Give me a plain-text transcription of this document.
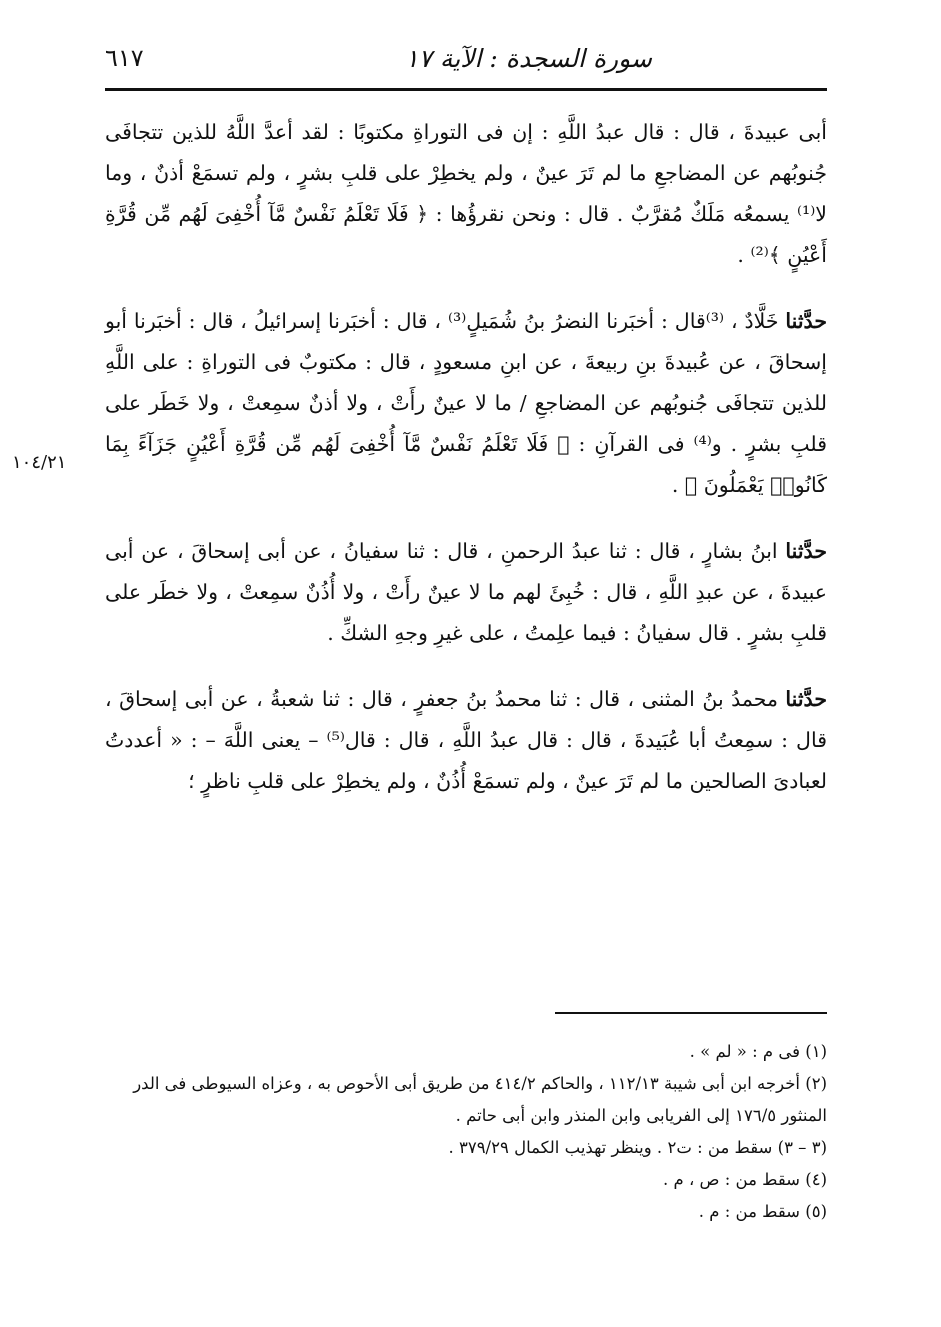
سورة السجدة : الآية ١٧
٦١٧
١٠٤/٢١

أبى عبيدةَ ، قال : قال عبدُ اللَّهِ : إن فى التوراةِ مكتوبًا : لقد أعدَّ اللَّهُ للذين تتجافَى جُنوبُهم عن المضاجعِ ما لم تَرَ عينٌ ، ولم يخطِرْ على قلبِ بشرٍ ، ولم تسمَعْ أذنٌ ، وما لا⁽¹⁾ يسمعُه مَلَكٌ مُقرَّبٌ . قال : ونحن نقرؤُها : ﴿ فَلَا تَعْلَمُ نَفْسٌ مَّآ أُخْفِىَ لَهُم مِّن قُرَّةِ أَعْيُنٍ ﴾⁽²⁾ .

حدَّثنا خَلَّادٌ ، ⁽³⁾قال : أخبَرنا النضرُ بنُ شُمَيلٍ⁽³⁾ ، قال : أخبَرنا إسرائيلُ ، قال : أخبَرنا أبو إسحاقَ ، عن عُبيدةَ بنِ ربيعةَ ، عن ابنِ مسعودٍ ، قال : مكتوبٌ فى التوراةِ : على اللَّهِ للذين تتجافَى جُنوبُهم عن المضاجعِ / ما لا عينٌ رأَتْ ، ولا أذنٌ سمِعتْ ، ولا خَطَر على قلبِ بشرٍ . و⁽⁴⁾ فى القرآنِ : ﴿ فَلَا تَعْلَمُ نَفْسٌ مَّآ أُخْفِىَ لَهُم مِّن قُرَّةِ أَعْيُنٍ جَزَآءً بِمَا كَانُوا۟ يَعْمَلُونَ ﴾ .

حدَّثنا ابنُ بشارٍ ، قال : ثنا عبدُ الرحمنِ ، قال : ثنا سفيانُ ، عن أبى إسحاقَ ، عن أبى عبيدةَ ، عن عبدِ اللَّهِ ، قال : خُبِئَ لهم ما لا عينٌ رأَتْ ، ولا أُذُنٌ سمِعتْ ، ولا خطَر على قلبِ بشرٍ . قال سفيانُ : فيما علِمتُ ، على غيرِ وجهِ الشكِّ .

حدَّثنا محمدُ بنُ المثنى ، قال : ثنا محمدُ بنُ جعفرٍ ، قال : ثنا شعبةُ ، عن أبى إسحاقَ ، قال : سمِعتُ أبا عُبَيدةَ ، قال : قال عبدُ اللَّهِ ، قال : قال⁽⁵⁾ – يعنى اللَّهَ – : « أعددتُ لعبادىَ الصالحين ما لم تَرَ عينٌ ، ولم تسمَعْ أُذُنٌ ، ولم يخطِرْ على قلبِ ناظرٍ ؛

(١) فى م : « لم » .

(٢) أخرجه ابن أبى شيبة ١١٢/١٣ ، والحاكم ٤١٤/٢ من طريق أبى الأحوص به ، وعزاه السيوطى فى الدر المنثور ١٧٦/٥ إلى الفريابى وابن المنذر وابن أبى حاتم .

(٣ – ٣) سقط من : ت٢ . وينظر تهذيب الكمال ٣٧٩/٢٩ .

(٤) سقط من : ص ، م .

(٥) سقط من : م .
